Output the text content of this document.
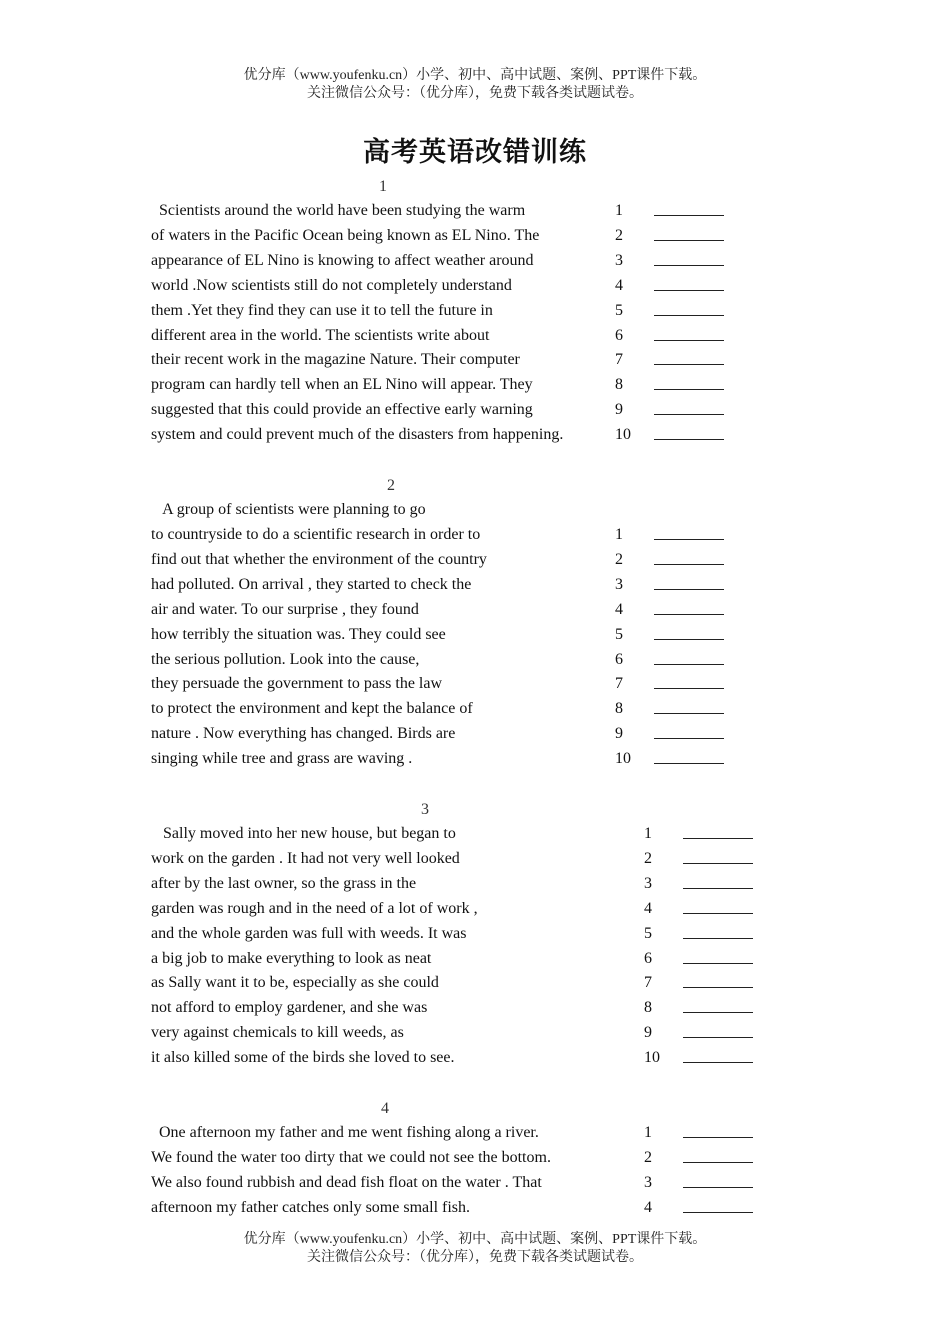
优分库（www.youfenku.cn）小学、初中、高中试题、案例、PPT课件下载。
关注微信公众号：（优分库），免费下载各类试题试卷。
高考英语改错训练
1
Scientists around the world have been studying the warm	1
of waters in the Pacific Ocean being known as EL Nino. The	2
appearance of EL Nino is knowing to affect weather around	3
world .Now scientists still do not completely understand	4
them .Yet they find they can use it to tell the future in	5
different area in the world. The scientists write about	6
their recent work in the magazine Nature. Their computer	7
program can hardly tell when an EL Nino will appear. They	8
suggested that this could provide an effective early warning	9
system and could prevent much of the disasters from happening.	10
2
A group of scientists were planning to go
to countryside to do a scientific research in order to	1
find out that whether the environment of the country	2
had polluted. On arrival , they started to check the	3
air and water. To our surprise , they found	4
how terribly the situation was. They could see	5
the serious pollution. Look into the cause,	6
they persuade the government to pass the law	7
to protect the environment and kept the balance of	8
nature . Now everything has changed. Birds are	9
singing while tree and grass are waving .	10
3
Sally moved into her new house, but began to	1
work on the garden . It had not very well looked	2
after by the last owner, so the grass in the	3
garden was rough and in the need of a lot of work ,	4
and the whole garden was full with weeds. It was	5
a big job to make everything to look as neat	6
as Sally want it to be, especially as she could	7
not afford to employ gardener, and she was	8
very against chemicals to kill weeds, as	9
it also killed some of the birds she loved to see.	10
4
One afternoon my father and me went fishing along a river.	1
We found the water too dirty that we could not see the bottom.	2
We also found rubbish and dead fish float on the water . That	3
afternoon my father catches only some small fish.	4
优分库（www.youfenku.cn）小学、初中、高中试题、案例、PPT课件下载。
关注微信公众号：（优分库），免费下载各类试题试卷。
